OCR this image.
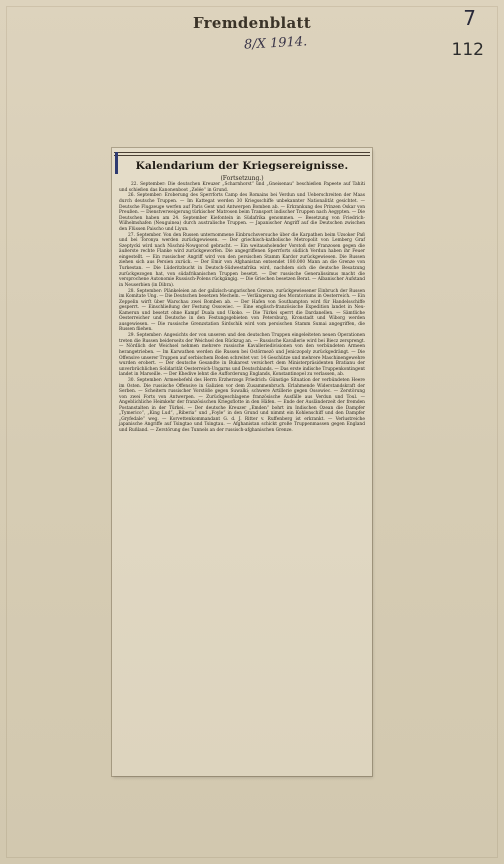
7
Fremdenblatt
8/X 1914.	112
Kalendarium der Kriegsereignisse.
(Fortsetzung.)

22. September: Die deutschen Kreuzer „Scharnhorst“ und „Gneisenau“ beschießen Papeete auf Tahiti und schießen das Kanonenboot „Zelée“ in Grund.

26. September: Eroberung des Sperrforts Camp des Romains bei Verdun und Ueberschreiten der Maas durch deutsche Truppen. — Im Kattegat werden 30 Kriegsschiffe unbekannter Nationalität gesichtet. — Deutsche Flugzeuge werfen auf Paris Gent und Antwerpen Bomben ab. — Erkrankung des Prinzen Oskar von Preußen. — Dienstverweigerung türkischer Matrosen beim Transport indischer Truppen nach Aegypten. — Die Deutschen haben am 24. September Kiefontein in Südafrika genommen. — Besetzung von Friedrich-Wilhelmshafen (Neuguinea) durch australische Truppen. — Japanischer Angriff auf die Deutschen zwischen den Flüssen Paischo und Liyun.

27. September. Von den Russen unternommene Einbruchsversuche über die Karpathen beim Uzsoker Paß und bei Toronya werden zurückgewiesen. — Der griechisch-katholische Metropolit von Lemberg Graf Szeptycki wird nach Nischni-Nowgorod gebracht. — Ein weitausholender Vorstoß der Franzosen gegen die äußerste rechte Flanke wird zurückgeworfen. Die angegriffenen Sperrforts südlich Verdun haben ihr Feuer eingestellt. — Ein russischer Angriff wird von den persischen Stamm Kardor zurückgewiesen. Die Russen ziehen sich aus Persien zurück. — Der Emir von Afghanistan entsendet 180.000 Mann an die Grenze von Turkestan. — Die Lüderitzbucht in Deutsch-Südwestafrika wird, nachdem sich die deutsche Besatzung zurückgezogen hat, von südafrikanischen Truppen besetzt. — Der russische Generalissimus macht die versprochene Autonomie Russisch-Polens rückgängig. — Die Griechen besetzen Berat. — Albanischer Aufstand in Neuserbien (in Dibra).

28. September: Plänkeleien an der galizisch-ungarischen Grenze, zurückgewiesener Einbruch der Russen im Komitate Ung. — Die Deutschen besetzen Mecheln. — Verlängerung des Moratoriums in Oesterreich. — Ein Zeppelin wirft über Warschau zwei Bomben ab. — Der Hafen von Southampton wird für Handelsschiffe gesperrt. — Einschließung der Festung Ossowiec. — Eine englisch-französische Expedition landet in Neu-Kamerun und besetzt ohne Kampf Duala und Ukoko. — Die Türkei sperrt die Dardanellen. — Sämtliche Oesterreicher und Deutsche in den Festungsgebieten von Petersburg, Kronstadt und Wiborg werden ausgewiesen. — Die russische Grenzstation Sirdschik wird vom persischen Stamm Sumai angegriffen, die Russen fliehen.

29. September: Angesichts der von unseren und den deutschen Truppen eingeleiteten neuen Operationen treten die Russen beiderseits der Weichsel den Rückzug an. — Russische Kavallerie wird bei Biecz zersprengt. — Nördlich der Weichsel nehmen mehrere russische Kavalleriedivisionen von den verbündeten Armeen herangetrieben. — Im Karwathen werden die Russen bei Ostörmezö und Jeniczopoly zurückgedrängt. — Die Offensive unserer Truppen auf serbischem Boden schreitet vor. 14 Geschütze und mehrere Maschinengewehre wurden erobert. — Der deutsche Gesandte in Bukarest versichert dem Ministerpräsidenten Bratianu der unverbrüchlichen Solidarität Oesterreich-Ungarns und Deutschlands. — Das erste indische Truppenkontingent landet in Marseille. — Der Khedive lehnt die Aufforderung Englands, Konstantinopel zu verlassen, ab.

30. September: Armeebefehl des Herrn Erzherzogs Friedrich: Günstige Situation der verbündeten Heere im Osten. Die russische Offensive in Galizien vor dem Zusammenbruch. Erlahmende Widerstandskraft der Serben. — Scheitern russischer Vorstöße gegen Suwalki; schwere Artillerie gegen Ossowiec. — Zerstörung von zwei Forts von Antwerpen. — Zurückgeschlagene französische Ausfälle aus Verdun und Toul. — Angeblichliche Heimkehr der französischen Kriegsflotte in den Häfen. — Ende der Ausländerzeit der fremden Postanstalten in der Türkei. — Der deutsche Kreuzer „Emden“ bohrt im Indischen Ozean die Dampfer „Tymerico“, „King Lud“, „Riberia“ und „Foyle“ in den Grund und nimmt ein Kohlenschiff und den Dampfer „Gryfedale“ weg. — Korvettenkommandant G. d. J. Ritter v. Ruffenberg ist erkrankt. — Verlustreiche japanische Angriffe auf Tsingtao und Tsingtau. — Afghanistan schickt große Truppenmassen gegen England und Rußland. — Zerstörung des Tunnels an der russisch-afghanischen Grenze.
